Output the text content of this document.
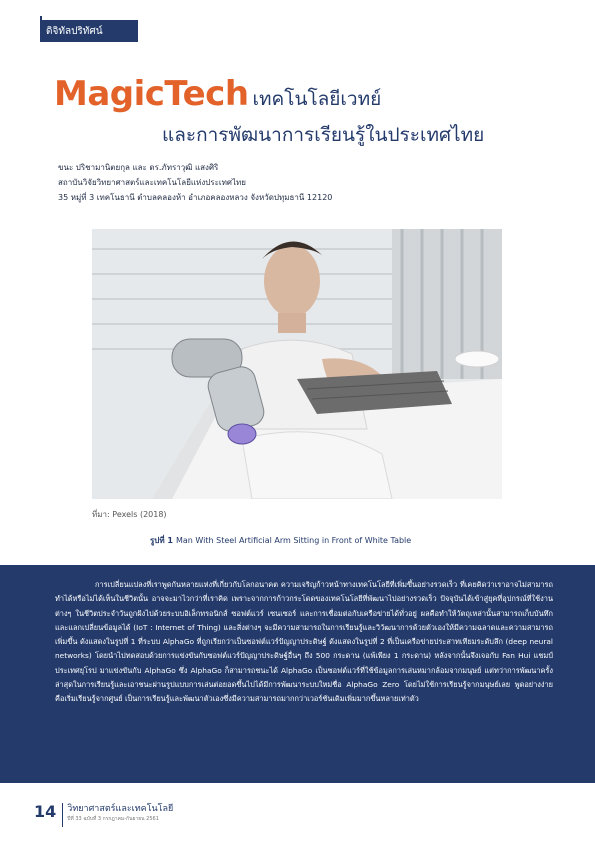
ดิจิทัลปริทัศน์
MagicTech เทคโนโลยีเวทย์
และการพัฒนาการเรียนรู้ในประเทศไทย
ขนะ ปริชามานิตยกุล และ ดร.ภัทราวุฒิ แสงศิริ
สถาบันวิจัยวิทยาศาสตร์และเทคโนโลยีแห่งประเทศไทย
35 หมู่ที่ 3 เทคโนธานี ตำบลคลองห้า อำเภอคลองหลวง จังหวัดปทุมธานี 12120
ที่มา: Pexels (2018)
รูปที่ 1 Man With Steel Artificial Arm Sitting in Front of White Table
การเปลี่ยนแปลงที่เราพูดกันหลายแห่งที่เกี่ยวกับโลกอนาคต ความเจริญก้าวหน้าทางเทคโนโลยีที่เพิ่มขึ้นอย่างรวดเร็ว ที่เคยคิดว่าเราอาจไม่สามารถทำได้หรือไม่ได้เห็นในชีวิตนั้น อาจจะมาไวกว่าที่เราคิด เพราะจากการก้าวกระโดดของเทคโนโลยีที่พัฒนาไปอย่างรวดเร็ว ปัจจุบันได้เข้าสู่ยุคที่อุปกรณ์ที่ใช้งานต่างๆ ในชีวิตประจำวันถูกฝังไปด้วยระบบอิเล็กทรอนิกส์ ซอฟต์แวร์ เซนเซอร์ และการเชื่อมต่อกับเครือข่ายได้ทั่วอยู่ ผลคือทำให้วัตถุเหล่านั้นสามารถเก็บบันทึกและแลกเปลี่ยนข้อมูลได้ (IoT : Internet of Thing) และสิ่งต่างๆ จะมีความสามารถในการเรียนรู้และวิวัฒนาการด้วยตัวเองให้มีความฉลาดและความสามารถเพิ่มขึ้น ดังแสดงในรูปที่ 1 ที่ระบบ AlphaGo ที่ถูกเรียกว่าเป็นซอฟต์แวร์ปัญญาประดิษฐ์ ดังแสดงในรูปที่ 2 ที่เป็นเครือข่ายประสาทเทียมระดับลึก (deep neural networks) โดยนำไปทดสอบด้วยการแข่งขันกับซอฟต์แวร์ปัญญาประดิษฐ์อื่นๆ ถึง 500 กระดาน (แพ้เพียง 1 กระดาน) หลังจากนั้นจึงเจอกับ Fan Hui แชมป์ประเทศยุโรป มาแข่งขันกับ AlphaGo ซึ่ง AlphaGo ก็สามารถชนะได้ AlphaGo เป็นซอฟต์แวร์ที่ใช้ข้อมูลการเล่นหมากล้อมจากมนุษย์ แต่ทว่าการพัฒนาครั้งล่าสุดในการเรียนรู้และเอาชนะผ่านรูปแบบการเล่นต่อยอดขึ้นไปได้มีการพัฒนาระบบใหม่ชื่อ AlphaGo Zero โดยไม่ใช้การเรียนรู้จากมนุษย์เลย พูดอย่างง่ายคือเริ่มเรียนรู้จากศูนย์ เป็นการเรียนรู้และพัฒนาตัวเองซึ่งมีความสามารถมากกว่าเวอร์ชันเดิมเพิ่มมากขึ้นหลายเท่าตัว
14 วิทยาศาสตร์และเทคโนโลยี
ปีที่ 33 ฉบับที่ 3 กรกฎาคม-กันยายน 2561
